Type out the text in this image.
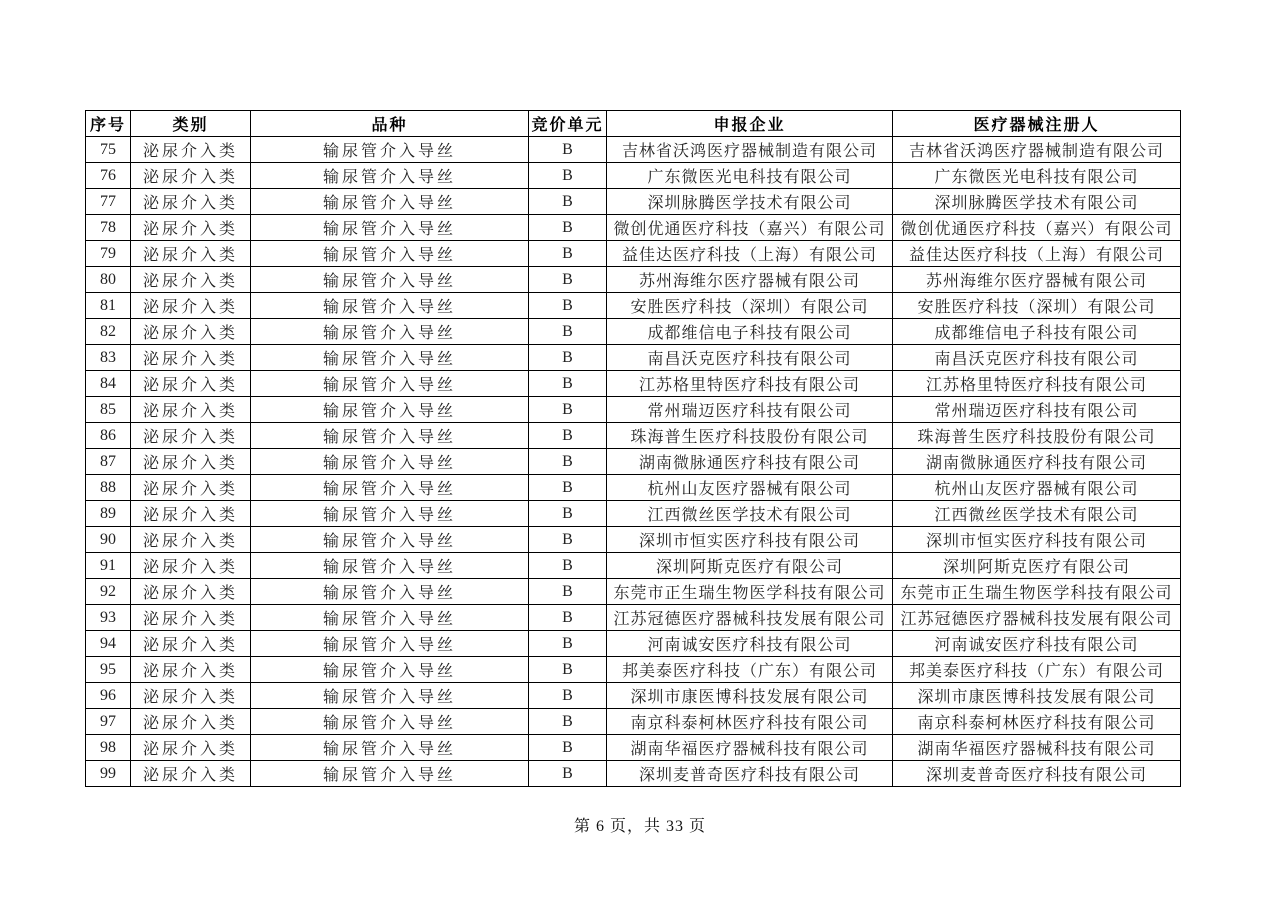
序号	类别	品种	竞价单元	申报企业	医疗器械注册人
75	泌尿介入类	输尿管介入导丝	B	吉林省沃鸿医疗器械制造有限公司	吉林省沃鸿医疗器械制造有限公司
76	泌尿介入类	输尿管介入导丝	B	广东微医光电科技有限公司	广东微医光电科技有限公司
77	泌尿介入类	输尿管介入导丝	B	深圳脉腾医学技术有限公司	深圳脉腾医学技术有限公司
78	泌尿介入类	输尿管介入导丝	B	微创优通医疗科技（嘉兴）有限公司	微创优通医疗科技（嘉兴）有限公司
79	泌尿介入类	输尿管介入导丝	B	益佳达医疗科技（上海）有限公司	益佳达医疗科技（上海）有限公司
80	泌尿介入类	输尿管介入导丝	B	苏州海维尔医疗器械有限公司	苏州海维尔医疗器械有限公司
81	泌尿介入类	输尿管介入导丝	B	安胜医疗科技（深圳）有限公司	安胜医疗科技（深圳）有限公司
82	泌尿介入类	输尿管介入导丝	B	成都维信电子科技有限公司	成都维信电子科技有限公司
83	泌尿介入类	输尿管介入导丝	B	南昌沃克医疗科技有限公司	南昌沃克医疗科技有限公司
84	泌尿介入类	输尿管介入导丝	B	江苏格里特医疗科技有限公司	江苏格里特医疗科技有限公司
85	泌尿介入类	输尿管介入导丝	B	常州瑞迈医疗科技有限公司	常州瑞迈医疗科技有限公司
86	泌尿介入类	输尿管介入导丝	B	珠海普生医疗科技股份有限公司	珠海普生医疗科技股份有限公司
87	泌尿介入类	输尿管介入导丝	B	湖南微脉通医疗科技有限公司	湖南微脉通医疗科技有限公司
88	泌尿介入类	输尿管介入导丝	B	杭州山友医疗器械有限公司	杭州山友医疗器械有限公司
89	泌尿介入类	输尿管介入导丝	B	江西微丝医学技术有限公司	江西微丝医学技术有限公司
90	泌尿介入类	输尿管介入导丝	B	深圳市恒实医疗科技有限公司	深圳市恒实医疗科技有限公司
91	泌尿介入类	输尿管介入导丝	B	深圳阿斯克医疗有限公司	深圳阿斯克医疗有限公司
92	泌尿介入类	输尿管介入导丝	B	东莞市正生瑞生物医学科技有限公司	东莞市正生瑞生物医学科技有限公司
93	泌尿介入类	输尿管介入导丝	B	江苏冠德医疗器械科技发展有限公司	江苏冠德医疗器械科技发展有限公司
94	泌尿介入类	输尿管介入导丝	B	河南诚安医疗科技有限公司	河南诚安医疗科技有限公司
95	泌尿介入类	输尿管介入导丝	B	邦美泰医疗科技（广东）有限公司	邦美泰医疗科技（广东）有限公司
96	泌尿介入类	输尿管介入导丝	B	深圳市康医博科技发展有限公司	深圳市康医博科技发展有限公司
97	泌尿介入类	输尿管介入导丝	B	南京科泰柯林医疗科技有限公司	南京科泰柯林医疗科技有限公司
98	泌尿介入类	输尿管介入导丝	B	湖南华福医疗器械科技有限公司	湖南华福医疗器械科技有限公司
99	泌尿介入类	输尿管介入导丝	B	深圳麦普奇医疗科技有限公司	深圳麦普奇医疗科技有限公司
第 6 页，共 33 页
